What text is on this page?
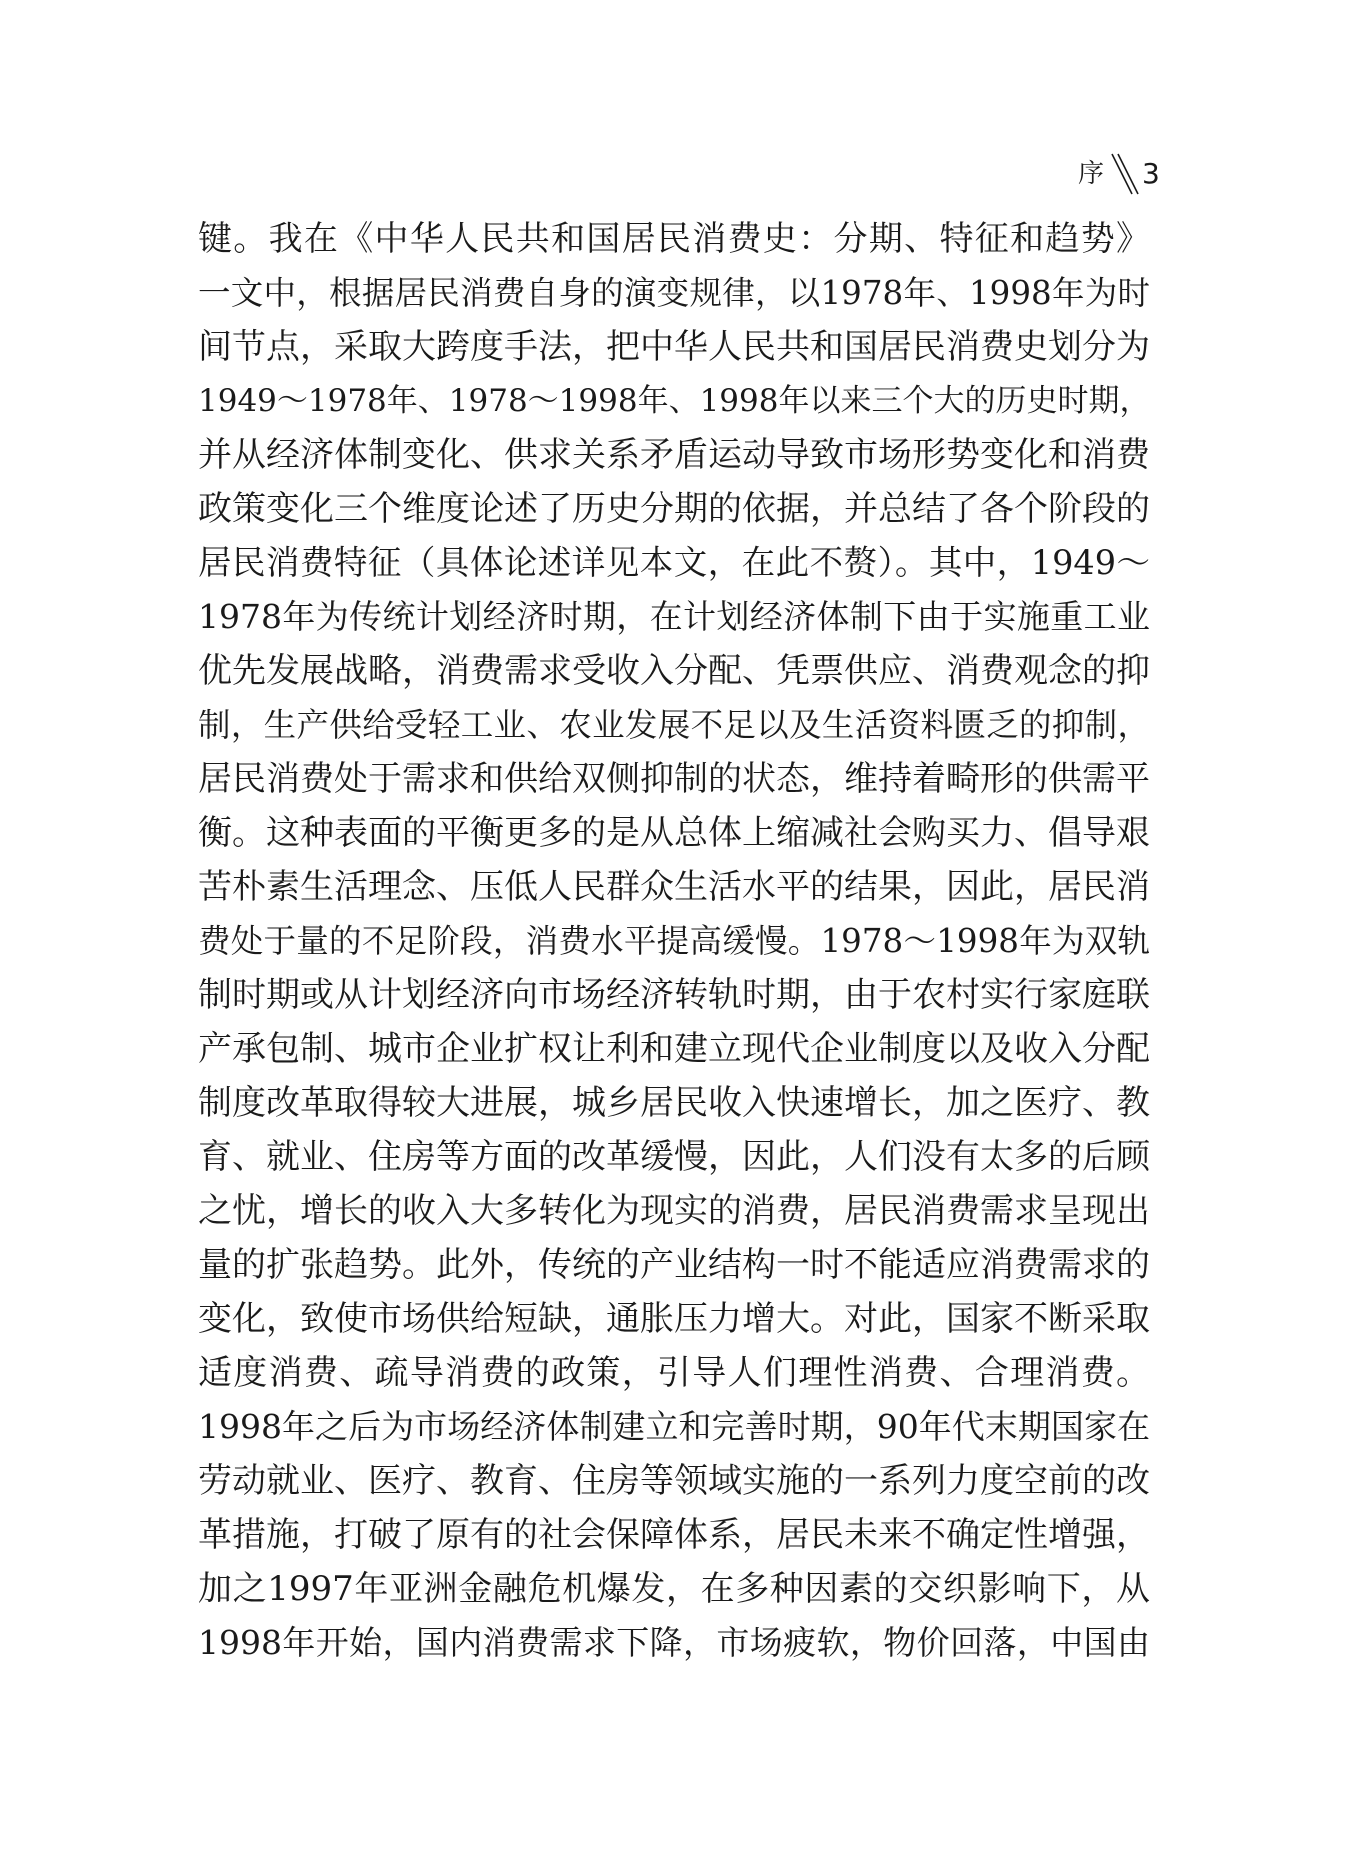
序 3
键。我在《中华人民共和国居民消费史：分期、特征和趋势》
一文中，根据居民消费自身的演变规律，以1978年、1998年为时
间节点，采取大跨度手法，把中华人民共和国居民消费史划分为
1949～1978年、1978～1998年、1998年以来三个大的历史时期，
并从经济体制变化、供求关系矛盾运动导致市场形势变化和消费
政策变化三个维度论述了历史分期的依据，并总结了各个阶段的
居民消费特征（具体论述详见本文，在此不赘）。其中，1949～
1978年为传统计划经济时期，在计划经济体制下由于实施重工业
优先发展战略，消费需求受收入分配、凭票供应、消费观念的抑
制，生产供给受轻工业、农业发展不足以及生活资料匮乏的抑制，
居民消费处于需求和供给双侧抑制的状态，维持着畸形的供需平
衡。这种表面的平衡更多的是从总体上缩减社会购买力、倡导艰
苦朴素生活理念、压低人民群众生活水平的结果，因此，居民消
费处于量的不足阶段，消费水平提高缓慢。1978～1998年为双轨
制时期或从计划经济向市场经济转轨时期，由于农村实行家庭联
产承包制、城市企业扩权让利和建立现代企业制度以及收入分配
制度改革取得较大进展，城乡居民收入快速增长，加之医疗、教
育、就业、住房等方面的改革缓慢，因此，人们没有太多的后顾
之忧，增长的收入大多转化为现实的消费，居民消费需求呈现出
量的扩张趋势。此外，传统的产业结构一时不能适应消费需求的
变化，致使市场供给短缺，通胀压力增大。对此，国家不断采取
适度消费、疏导消费的政策，引导人们理性消费、合理消费。
1998年之后为市场经济体制建立和完善时期，90年代末期国家在
劳动就业、医疗、教育、住房等领域实施的一系列力度空前的改
革措施，打破了原有的社会保障体系，居民未来不确定性增强，
加之1997年亚洲金融危机爆发，在多种因素的交织影响下，从
1998年开始，国内消费需求下降，市场疲软，物价回落，中国由
